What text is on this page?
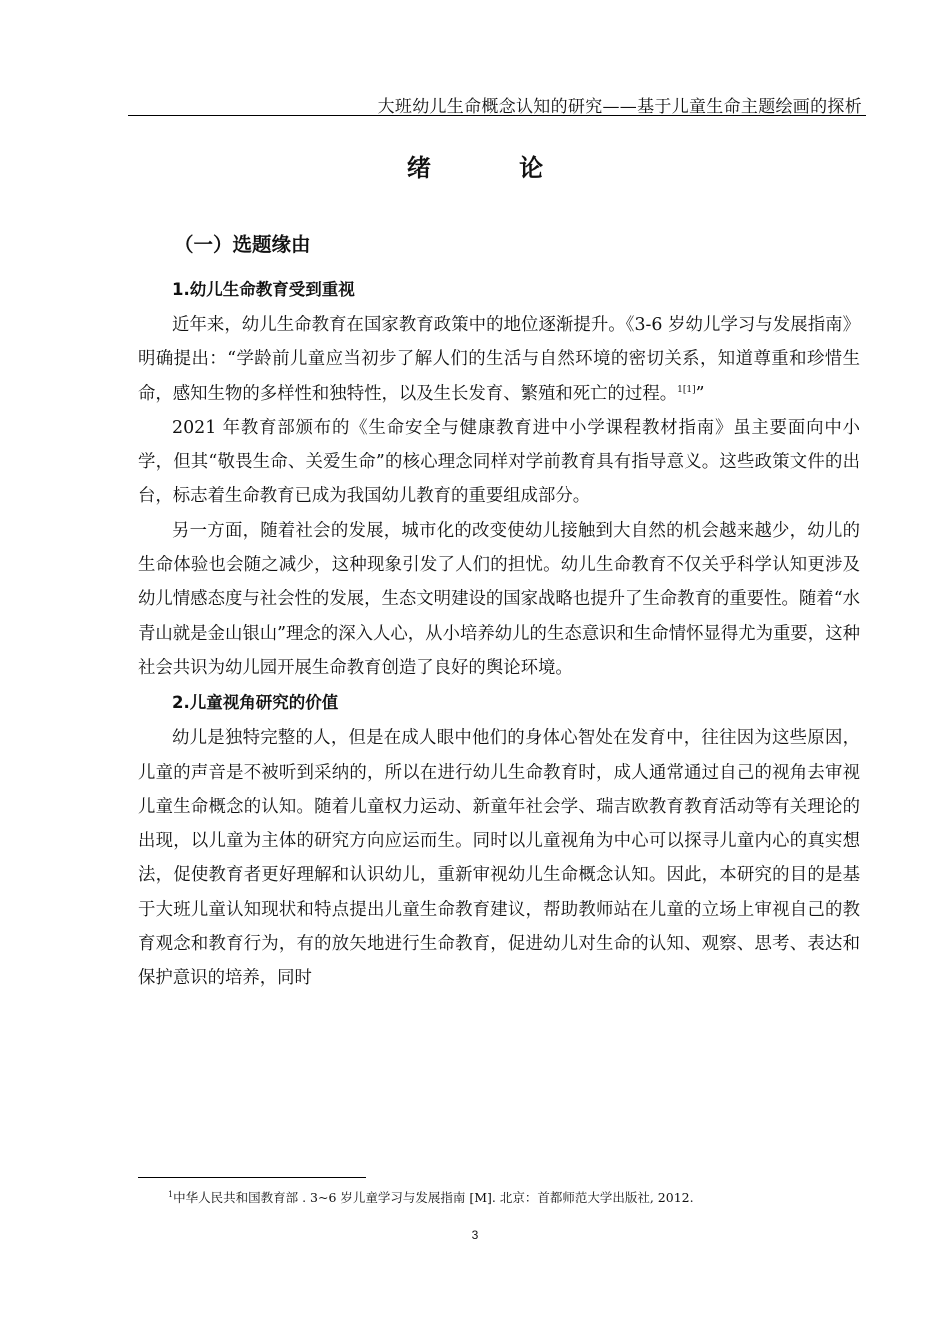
大班幼儿生命概念认知的研究——基于儿童生命主题绘画的探析
绪 论
（一）选题缘由
1.幼儿生命教育受到重视

近年来，幼儿生命教育在国家教育政策中的地位逐渐提升。《3-6 岁幼儿学习与发展指南》明确提出：“学龄前儿童应当初步了解人们的生活与自然环境的密切关系，知道尊重和珍惜生命，感知生物的多样性和独特性，以及生长发育、繁殖和死亡的过程。$^{1[1]}$”

2021 年教育部颁布的《生命安全与健康教育进中小学课程教材指南》虽主要面向中小学，但其“敬畏生命、关爱生命”的核心理念同样对学前教育具有指导意义。这些政策文件的出台，标志着生命教育已成为我国幼儿教育的重要组成部分。

另一方面，随着社会的发展，城市化的改变使幼儿接触到大自然的机会越来越少，幼儿的生命体验也会随之减少，这种现象引发了人们的担忧。幼儿生命教育不仅关乎科学认知更涉及幼儿情感态度与社会性的发展，生态文明建设的国家战略也提升了生命教育的重要性。随着“水青山就是金山银山”理念的深入人心，从小培养幼儿的生态意识和生命情怀显得尤为重要，这种社会共识为幼儿园开展生命教育创造了良好的舆论环境。

2.儿童视角研究的价值

幼儿是独特完整的人，但是在成人眼中他们的身体心智处在发育中，往往因为这些原因，儿童的声音是不被听到采纳的，所以在进行幼儿生命教育时，成人通常通过自己的视角去审视儿童生命概念的认知。随着儿童权力运动、新童年社会学、瑞吉欧教育教育活动等有关理论的出现，以儿童为主体的研究方向应运而生。同时以儿童视角为中心可以探寻儿童内心的真实想法，促使教育者更好理解和认识幼儿，重新审视幼儿生命概念认知。因此，本研究的目的是基于大班儿童认知现状和特点提出儿童生命教育建议，帮助教师站在儿童的立场上审视自己的教育观念和教育行为，有的放矢地进行生命教育，促进幼儿对生命的认知、观察、思考、表达和保护意识的培养，同时

$^1$中华人民共和国教育部 . 3~6 岁儿童学习与发展指南 [M]. 北京：首都师范大学出版社, 2012.
3
